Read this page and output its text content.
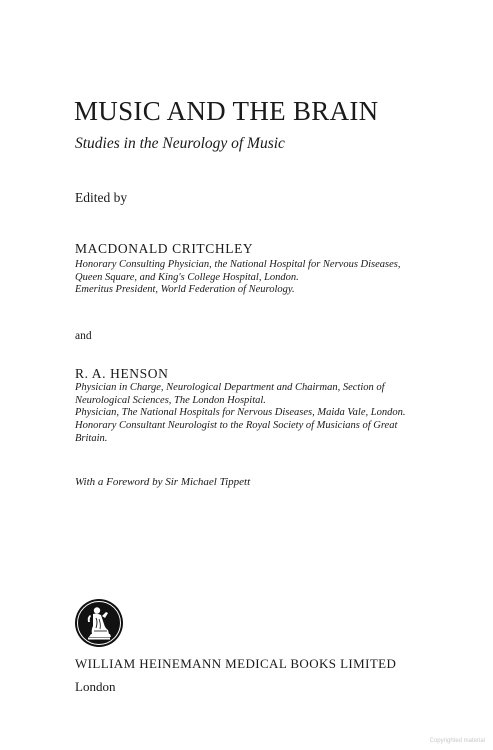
MUSIC AND THE BRAIN
Studies in the Neurology of Music
Edited by
MACDONALD CRITCHLEY
Honorary Consulting Physician, the National Hospital for Nervous Diseases,
Queen Square, and King's College Hospital, London.
Emeritus President, World Federation of Neurology.
and
R. A. HENSON
Physician in Charge, Neurological Department and Chairman, Section of
Neurological Sciences, The London Hospital.
Physician, The National Hospitals for Nervous Diseases, Maida Vale, London.
Honorary Consultant Neurologist to the Royal Society of Musicians of Great
Britain.
With a Foreword by Sir Michael Tippett
WILLIAM HEINEMANN MEDICAL BOOKS LIMITED
London
Copyrighted material
